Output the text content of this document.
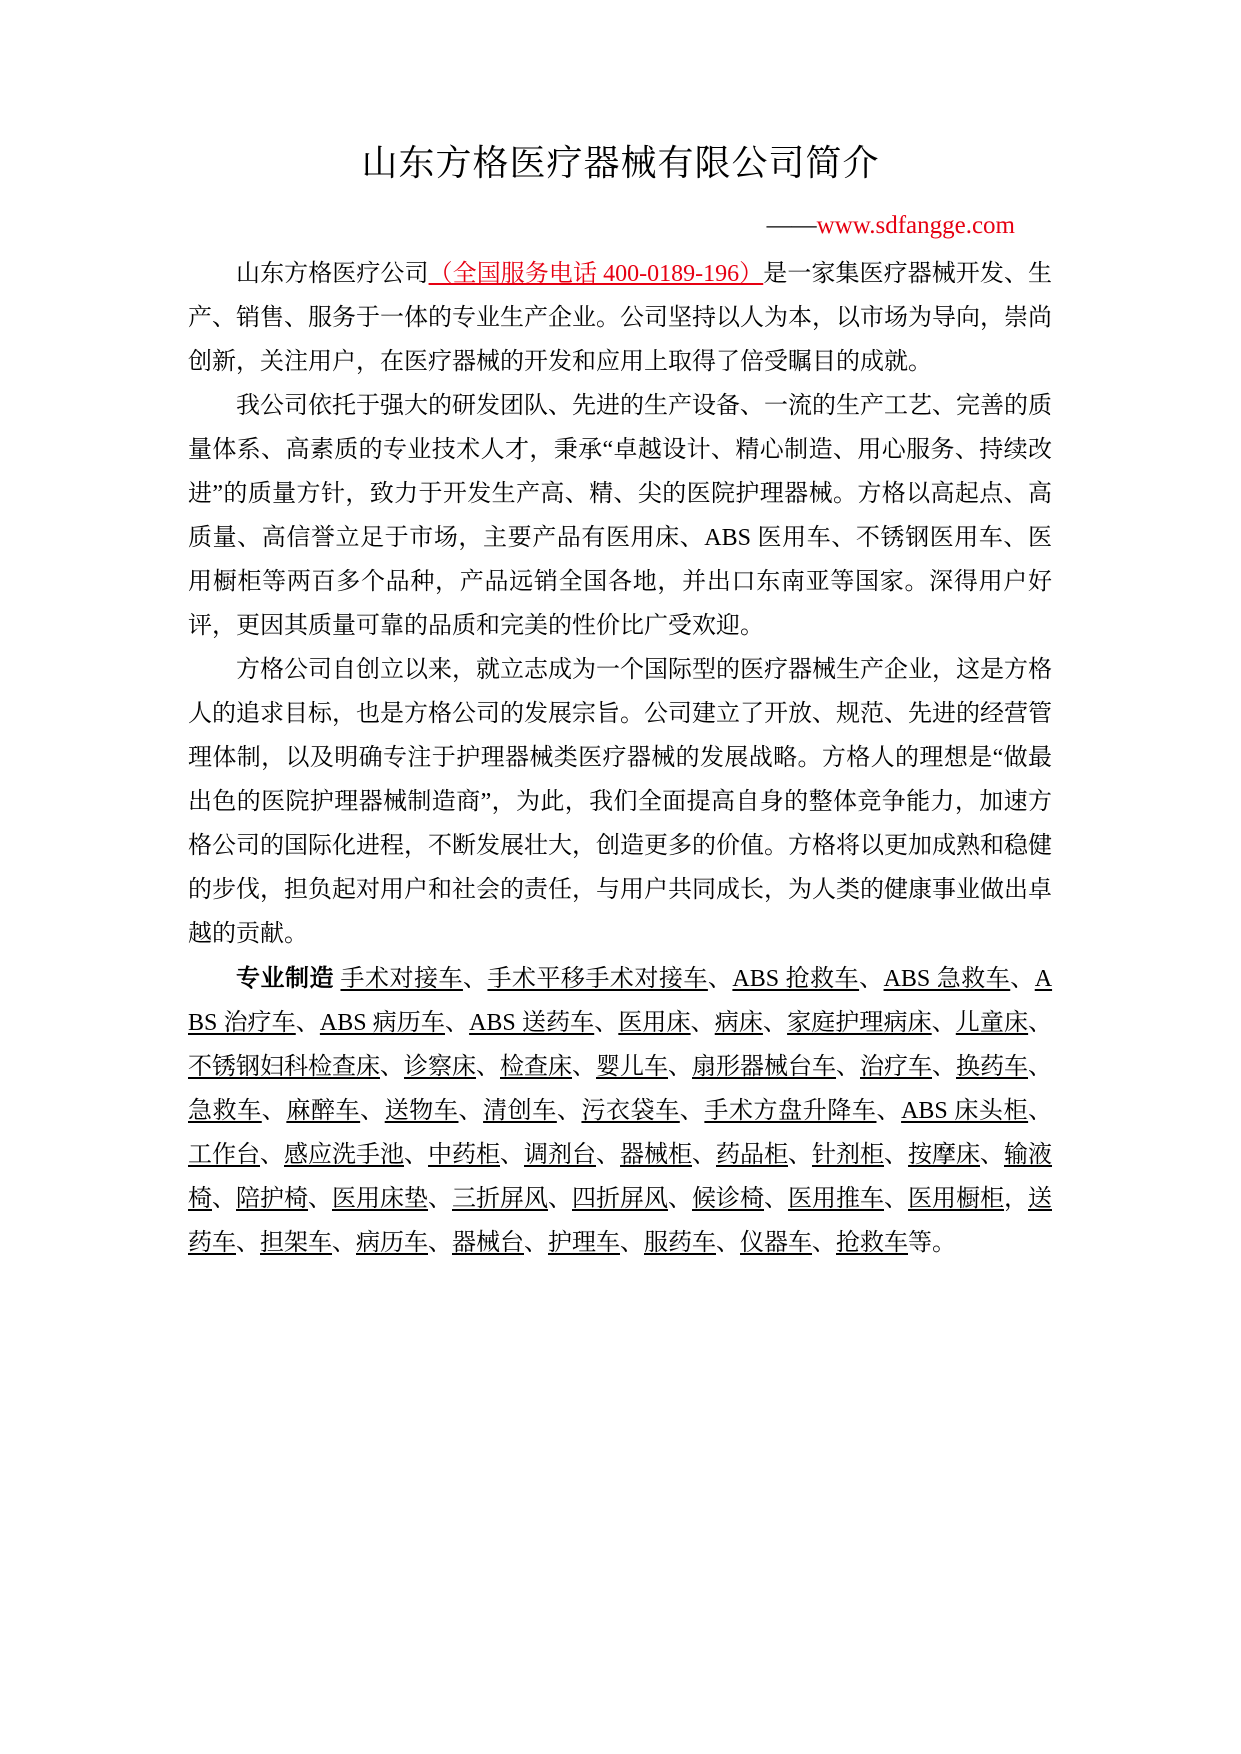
山东方格医疗器械有限公司简介
——www.sdfangge.com

山东方格医疗公司（全国服务电话 400-0189-196）是一家集医疗器械开发、生产、销售、服务于一体的专业生产企业。公司坚持以人为本，以市场为导向，崇尚创新，关注用户，在医疗器械的开发和应用上取得了倍受瞩目的成就。

我公司依托于强大的研发团队、先进的生产设备、一流的生产工艺、完善的质量体系、高素质的专业技术人才，秉承“卓越设计、精心制造、用心服务、持续改进”的质量方针，致力于开发生产高、精、尖的医院护理器械。方格以高起点、高质量、高信誉立足于市场，主要产品有医用床、ABS 医用车、不锈钢医用车、医用橱柜等两百多个品种，产品远销全国各地，并出口东南亚等国家。深得用户好评，更因其质量可靠的品质和完美的性价比广受欢迎。

方格公司自创立以来，就立志成为一个国际型的医疗器械生产企业，这是方格人的追求目标，也是方格公司的发展宗旨。公司建立了开放、规范、先进的经营管理体制，以及明确专注于护理器械类医疗器械的发展战略。方格人的理想是“做最出色的医院护理器械制造商”，为此，我们全面提高自身的整体竞争能力，加速方格公司的国际化进程，不断发展壮大，创造更多的价值。方格将以更加成熟和稳健的步伐，担负起对用户和社会的责任，与用户共同成长，为人类的健康事业做出卓越的贡献。

专业制造 手术对接车、手术平移手术对接车、ABS 抢救车、ABS 急救车、ABS 治疗车、ABS 病历车、ABS 送药车、医用床、病床、家庭护理病床、儿童床、不锈钢妇科检查床、诊察床、检查床、婴儿车、扇形器械台车、治疗车、换药车、急救车、麻醉车、送物车、清创车、污衣袋车、手术方盘升降车、ABS 床头柜、工作台、感应洗手池、中药柜、调剂台、器械柜、药品柜、针剂柜、按摩床、输液椅、陪护椅、医用床垫、三折屏风、四折屏风、候诊椅、医用推车、医用橱柜，送药车、担架车、病历车、器械台、护理车、服药车、仪器车、抢救车等。
